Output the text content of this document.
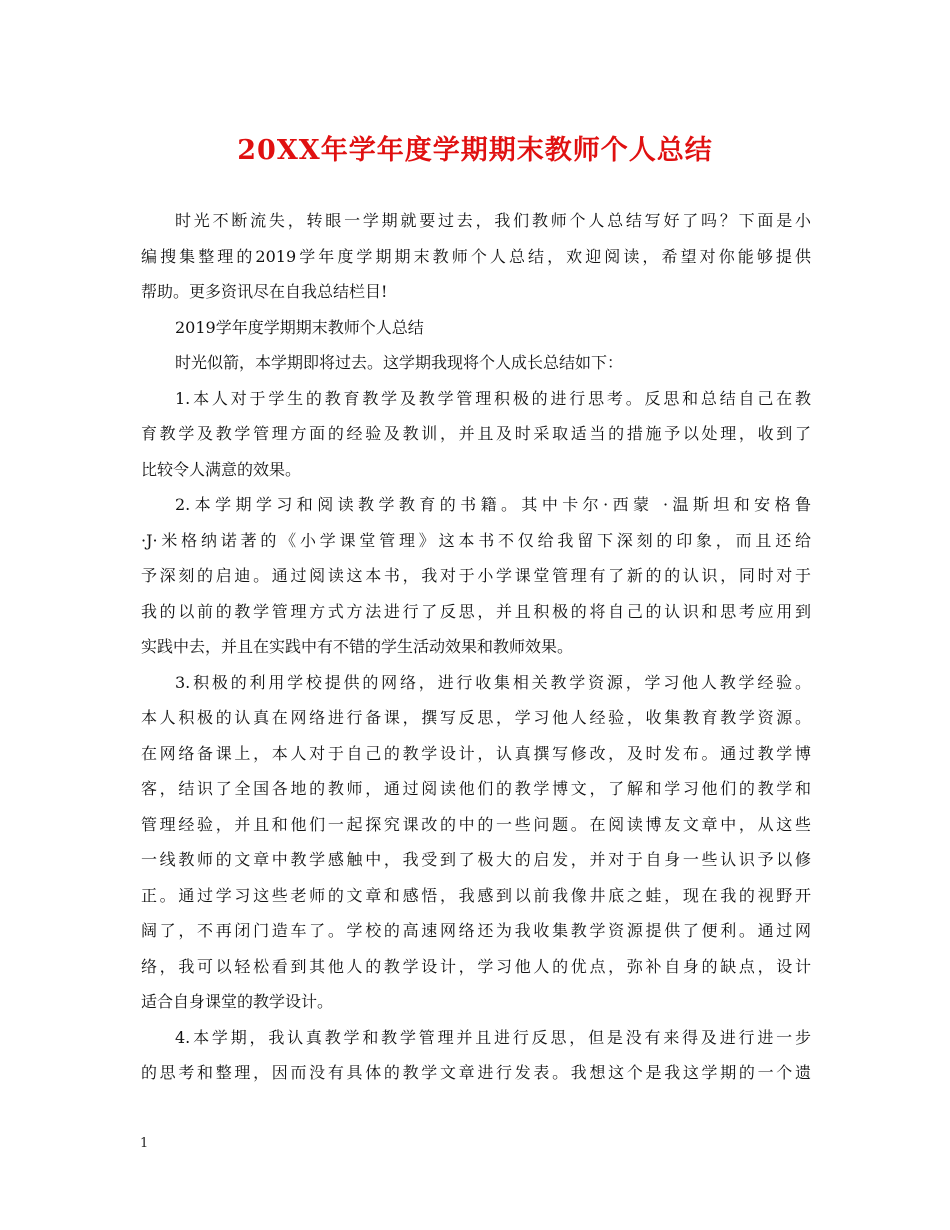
20XX年学年度学期期末教师个人总结
时光不断流失，转眼一学期就要过去，我们教师个人总结写好了吗？下面是小
编搜集整理的2019学年度学期期末教师个人总结，欢迎阅读，希望对你能够提供
帮助。更多资讯尽在自我总结栏目!
2019学年度学期期末教师个人总结
时光似箭，本学期即将过去。这学期我现将个人成长总结如下：
1.本人对于学生的教育教学及教学管理积极的进行思考。反思和总结自己在教
育教学及教学管理方面的经验及教训，并且及时采取适当的措施予以处理，收到了
比较令人满意的效果。
2.本学期学习和阅读教学教育的书籍。其中卡尔·西蒙 ·温斯坦和安格鲁
·J·米格纳诺著的《小学课堂管理》这本书不仅给我留下深刻的印象，而且还给
予深刻的启迪。通过阅读这本书，我对于小学课堂管理有了新的的认识，同时对于
我的以前的教学管理方式方法进行了反思，并且积极的将自己的认识和思考应用到
实践中去，并且在实践中有不错的学生活动效果和教师效果。
3.积极的利用学校提供的网络，进行收集相关教学资源，学习他人教学经验。
本人积极的认真在网络进行备课，撰写反思，学习他人经验，收集教育教学资源。
在网络备课上，本人对于自己的教学设计，认真撰写修改，及时发布。通过教学博
客，结识了全国各地的教师，通过阅读他们的教学博文，了解和学习他们的教学和
管理经验，并且和他们一起探究课改的中的一些问题。在阅读博友文章中，从这些
一线教师的文章中教学感触中，我受到了极大的启发，并对于自身一些认识予以修
正。通过学习这些老师的文章和感悟，我感到以前我像井底之蛙，现在我的视野开
阔了，不再闭门造车了。学校的高速网络还为我收集教学资源提供了便利。通过网
络，我可以轻松看到其他人的教学设计，学习他人的优点，弥补自身的缺点，设计
适合自身课堂的教学设计。
4.本学期，我认真教学和教学管理并且进行反思，但是没有来得及进行进一步
的思考和整理，因而没有具体的教学文章进行发表。我想这个是我这学期的一个遗
1
